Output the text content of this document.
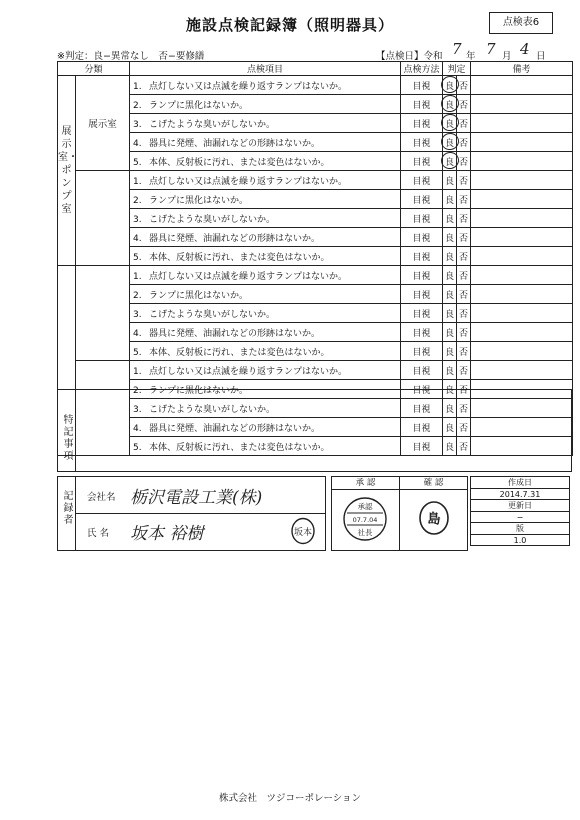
施設点検記録簿（照明器具）	点検表6
※判定：良−異常なし　否−要修繕	【点検日】令和 7 年 7 月 4 日
分類		点検項目	点検方法	判定		備考
展示室・ポンプ室	展示室	1. 点灯しない又は点滅を繰り返すランプはないか。	目視	良	否	
		2. ランプに黒化はないか。	目視	良	否	
		3. こげたような臭いがしないか。	目視	良	否	
		4. 器具に発煙、油漏れなどの形跡はないか。	目視	良	否	
		5. 本体、反射板に汚れ、または変色はないか。	目視	良	否	
		1. 点灯しない又は点滅を繰り返すランプはないか。	目視	良	否	
		2. ランプに黒化はないか。	目視	良	否	
		3. こげたような臭いがしないか。	目視	良	否	
		4. 器具に発煙、油漏れなどの形跡はないか。	目視	良	否	
		5. 本体、反射板に汚れ、または変色はないか。	目視	良	否	
		1. 点灯しない又は点滅を繰り返すランプはないか。	目視	良	否	
		2. ランプに黒化はないか。	目視	良	否	
		3. こげたような臭いがしないか。	目視	良	否	
		4. 器具に発煙、油漏れなどの形跡はないか。	目視	良	否	
		5. 本体、反射板に汚れ、または変色はないか。	目視	良	否	
		1. 点灯しない又は点滅を繰り返すランプはないか。	目視	良	否	
		2. ランプに黒化はないか。	目視	良	否	
		3. こげたような臭いがしないか。	目視	良	否	
		4. 器具に発煙、油漏れなどの形跡はないか。	目視	良	否	
		5. 本体、反射板に汚れ、または変色はないか。	目視	良	否	
特記事項
記録者	会社名 栃沢電設工業(株)
氏 名 坂本 裕樹	坂本
承 認	確 認
承認
07.7.04
社長
島
作成日
2014.7.31
更新日
−
版
1.0
株式会社　ツジコーポレーション
